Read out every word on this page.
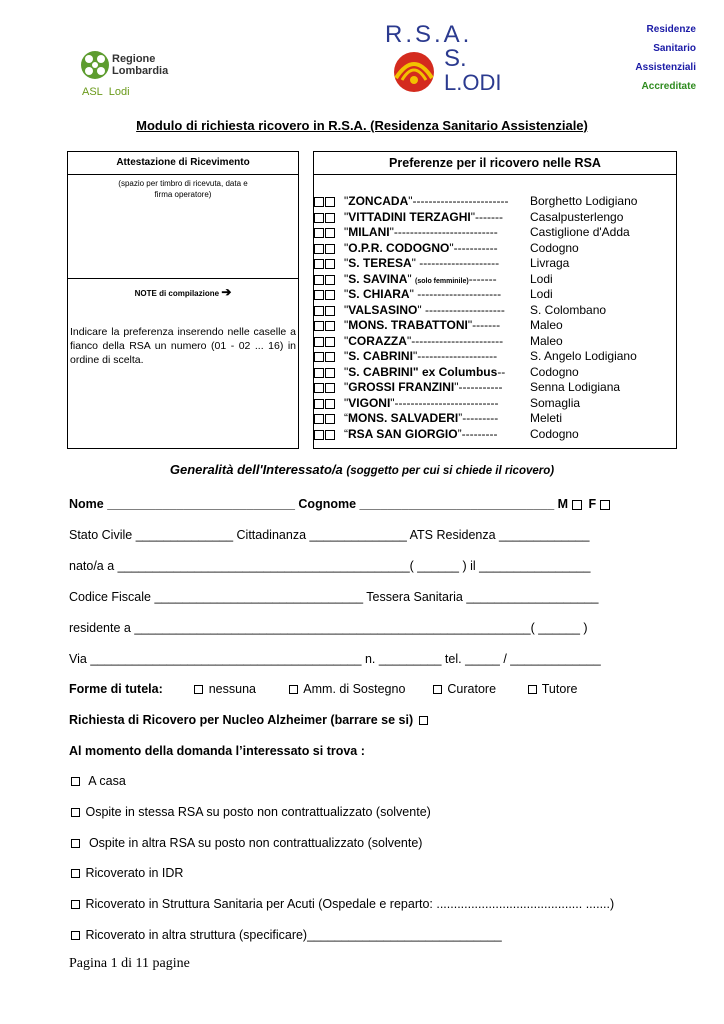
Regione
Lombardia
ASL Lodi
R.S.A.
S.
L.ODI
Residenze
Sanitario
Assistenziali
Accreditate
Modulo di richiesta ricovero in R.S.A. (Residenza Sanitario Assistenziale)
Attestazione di Ricevimento
(spazio per timbro di ricevuta, data e
firma operatore)
NOTE di compilazione ➔
Indicare la preferenza inserendo nelle caselle a fianco della RSA un numero (01 - 02 ... 16) in ordine di scelta.
Preferenze per il ricovero nelle RSA
"ZONCADA"------------------------ Borghetto Lodigiano
"VITTADINI TERZAGHI"------- Casalpusterlengo
"MILANI"--------------------------	Castiglione d'Adda
"O.P.R. CODOGNO"-----------	Codogno
"S. TERESA" --------------------	Livraga
"S. SAVINA" (solo femminile)-------	Lodi
"S. CHIARA" --------------------- Lodi
"VALSASINO" -------------------- S. Colombano
"MONS. TRABATTONI"------- Maleo
"CORAZZA"----------------------- Maleo
"S. CABRINI"--------------------	S. Angelo Lodigiano
"S. CABRINI" ex Columbus-- Codogno
"GROSSI FRANZINI"----------- Senna Lodigiana
"VIGONI"--------------------------	Somaglia
“MONS. SALVADERI”---------	Meleti
“RSA SAN GIORGIO”---------	Codogno
Generalità dell'Interessato/a (soggetto per cui si chiede il ricovero)
Nome ___________________________ Cognome ____________________________ M F
Stato Civile ______________ Cittadinanza ______________ ATS Residenza _____________
nato/a a __________________________________________( ______ ) il ________________
Codice Fiscale ______________________________ Tessera Sanitaria ___________________
residente a _________________________________________________________( ______ )
Via _______________________________________ n. _________ tel. _____ / _____________
Forme di tutela:	nessuna	Amm. di Sostegno	Curatore	Tutore
Richiesta di Ricovero per Nucleo Alzheimer (barrare se si)
Al momento della domanda l’interessato si trova :
A casa
Ospite in stessa RSA su posto non contrattualizzato (solvente)
Ospite in altra RSA su posto non contrattualizzato (solvente)
Ricoverato in IDR
Ricoverato in Struttura Sanitaria per Acuti (Ospedale e reparto: .......................................... .......)
Ricoverato in altra struttura (specificare)____________________________
Pagina 1 di 11 pagine
